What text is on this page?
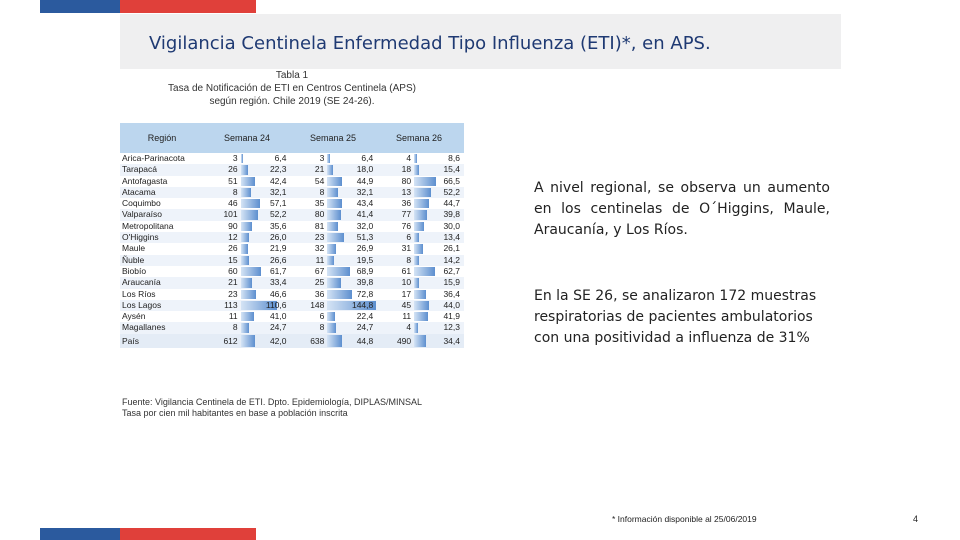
Vigilancia Centinela Enfermedad Tipo Influenza (ETI)*, en APS.
Tabla 1
Tasa de Notificación de ETI en Centros Centinela (APS)
según región. Chile 2019 (SE 24-26).
Región	Semana 24	Semana 25	Semana 26
Arica-Parinacota	3	6,4	3	6,4	4	8,6
Tarapacá	26	22,3	21	18,0	18	15,4
Antofagasta	51	42,4	54	44,9	80	66,5
Atacama	8	32,1	8	32,1	13	52,2
Coquimbo	46	57,1	35	43,4	36	44,7
Valparaíso	101	52,2	80	41,4	77	39,8
Metropolitana	90	35,6	81	32,0	76	30,0
O'Higgins	12	26,0	23	51,3	6	13,4
Maule	26	21,9	32	26,9	31	26,1
Ñuble	15	26,6	11	19,5	8	14,2
Biobío	60	61,7	67	68,9	61	62,7
Araucanía	21	33,4	25	39,8	10	15,9
Los Ríos	23	46,6	36	72,8	17	36,4
Los Lagos	113	110,6	148	144,8	45	44,0
Aysén	11	41,0	6	22,4	11	41,9
Magallanes	8	24,7	8	24,7	4	12,3
País	612	42,0	638	44,8	490	34,4
Fuente: Vigilancia Centinela de ETI. Dpto. Epidemiología, DIPLAS/MINSAL
Tasa por cien mil habitantes en base a población inscrita
A nivel regional, se observa un aumento en los centinelas de O´Higgins, Maule, Araucanía, y Los Ríos.
En la SE 26, se analizaron 172 muestras respiratorias de pacientes ambulatorios con una positividad a influenza de 31%
* Información disponible al 25/06/2019	4
